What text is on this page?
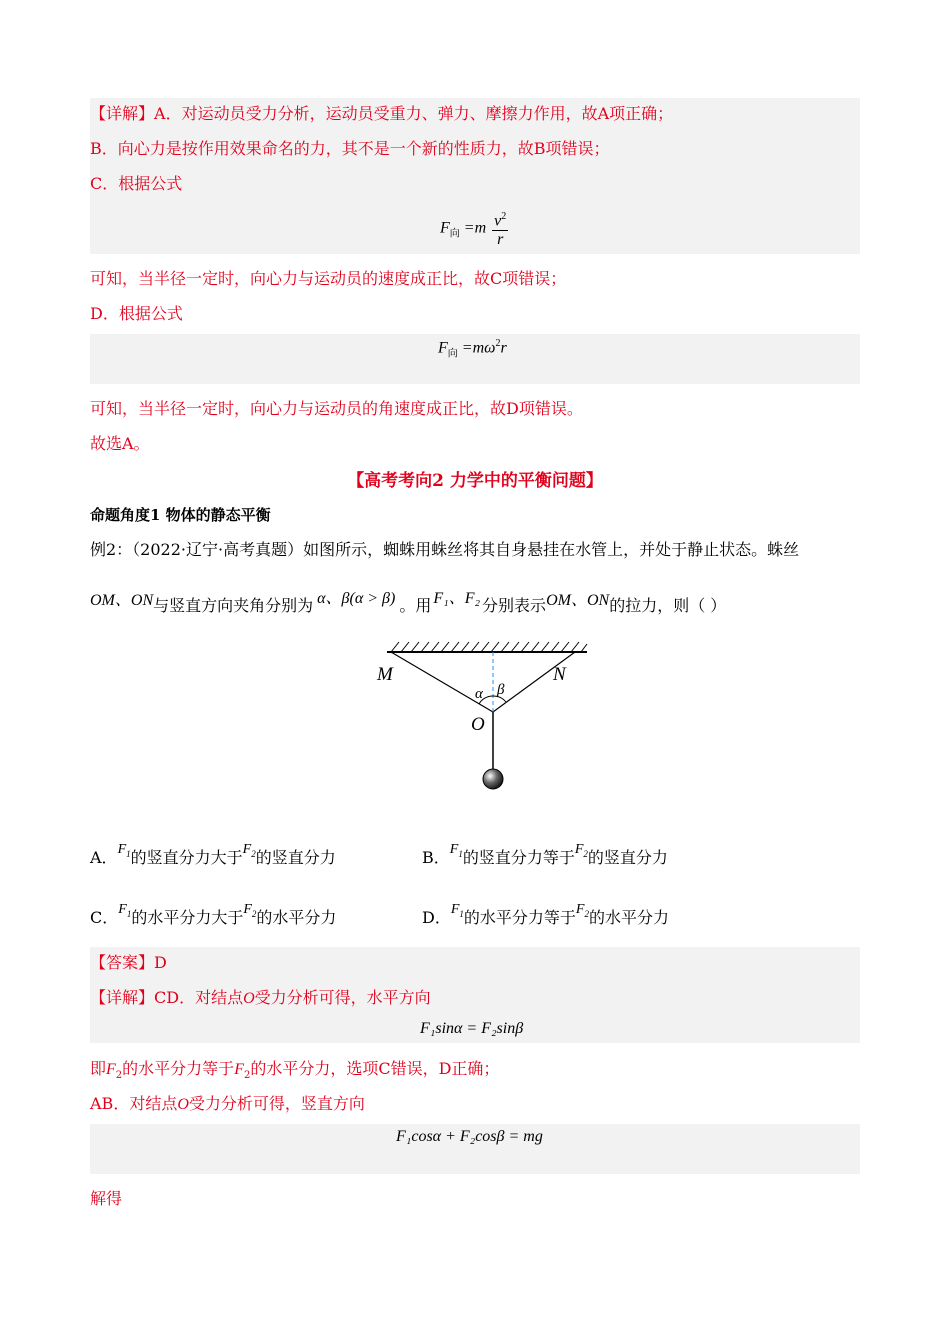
【详解】A．对运动员受力分析，运动员受重力、弹力、摩擦力作用，故A项正确；
B．向心力是按作用效果命名的力，其不是一个新的性质力，故B项错误；
C．根据公式
$F_向 =m \frac{v^2}{r}$
可知，当半径一定时，向心力与运动员的速度成正比，故C项错误；
D．根据公式
$F_向 =m\omega^2r$
可知，当半径一定时，向心力与运动员的角速度成正比，故D项错误。
故选A。
【高考考向2 力学中的平衡问题】
命题角度1 物体的静态平衡
例2：（2022·辽宁·高考真题）如图所示，蜘蛛用蛛丝将其自身悬挂在水管上，并处于静止状态。蛛丝
OM、ON与竖直方向夹角分别为 α、β(α > β) 。用 F₁、F₂ 分别表示OM、ON的拉力，则（ ）
M	N
O
α β
A．$F_1$的竖直分力大于$F_2$的竖直分力	B．$F_1$的竖直分力等于$F_2$的竖直分力
C．$F_1$的水平分力大于$F_2$的水平分力	D．$F_1$的水平分力等于$F_2$的水平分力
【答案】D
【详解】CD．对结点O受力分析可得，水平方向
F₁sinα = F₂sinβ
即$F_2$的水平分力等于$F_2$的水平分力，选项C错误，D正确；
AB．对结点O受力分析可得，竖直方向
F₁cosα + F₂cosβ = mg
解得
